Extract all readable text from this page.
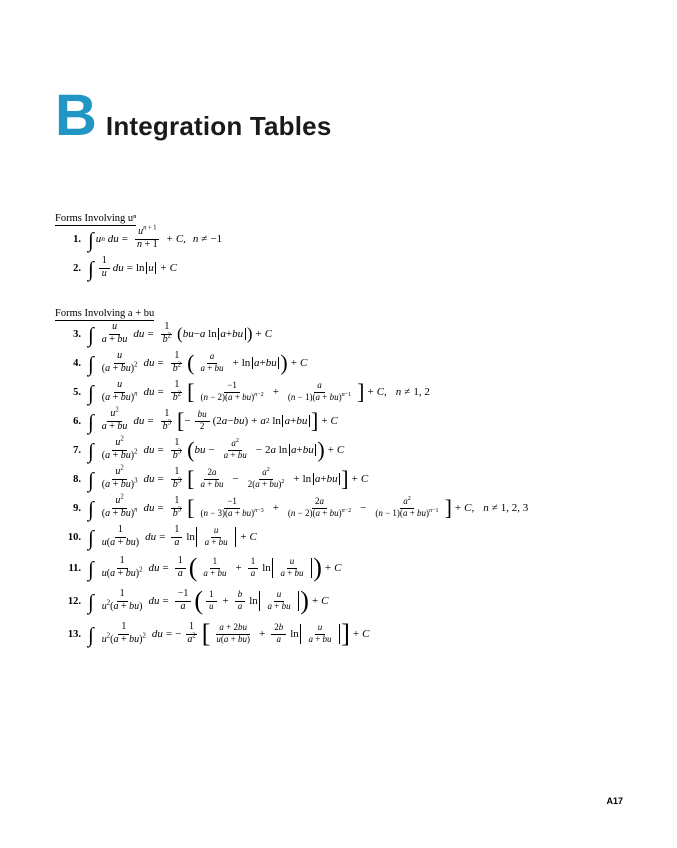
B Integration Tables
Forms Involving uⁿ
1. ∫ u n
du = $\frac{u^{n + 1}}{n + 1} + C$ , n ≠ −1
2. ∫ $\frac{1}{u}$ du = ln u + C
Forms Involving a + bu
3. ∫ $\frac{u}{a + bu}$ du = $\frac{1}{b^2}$ ( bu − a ln a + bu ) + C
4. ∫ $\frac{u}{(a + bu)^2}$ du = $\frac{1}{b^2}$ ( $\frac{a}{a + bu} + \ln a$ + bu ) + C
5. ∫ $\frac{u}{(a + bu)^n}$ du = $\frac{1}{b^2}$ [ $\frac{-1}{(n - 2)(a + bu)^{n-2}} + \frac{a}{(n - 1)(a + bu)^{n-1}}$ ] + C , n ≠ 1, 2
6. ∫ $\frac{u^2}{a + bu}$ du = $\frac{1}{b^3}$ [ − $\frac{bu}{2} (2$ a − bu ) + a 2 ln a + bu ] + C
7. ∫ $\frac{u^2}{(a + bu)^2}$ du = $\frac{1}{b^3}$ ( bu − $\frac{a^2}{a + bu} - 2$ a ln a + bu ) + C
8. ∫ $\frac{u^2}{(a + bu)^3}$ du = $\frac{1}{b^3}$ [ $\frac{2a}{a + bu} - \frac{a^2}{2(a + bu)^2} + \ln a$ + bu ] + C
9. ∫ $\frac{u^2}{(a + bu)^n}$ du = $\frac{1}{b^3}$ [ $\frac{-1}{(n - 3)(a + bu)^{n-3}} + \frac{2a}{(n - 2)(a + bu)^{n-2}} - \frac{a^2}{(n - 1)(a + bu)^{n-1}}$ ] + C , n ≠ 1, 2, 3
10. ∫ $\frac{1}{u(a + bu)}$ du = $\frac{1}{a}$ $\ln \frac{u}{a + bu} + C$
11. ∫ $\frac{1}{u(a + bu)^2}$ du = $\frac{1}{a}$ ( $\frac{1}{a + bu} + \frac{1}{a}$ $\ln \frac{u}{a + bu}$ ) + C
12. ∫ $\frac{1}{u^2(a + bu)}$ du = $\frac{-1}{a}$ ( $\frac{1}{u} + \frac{b}{a}$ $\ln \frac{u}{a + bu}$ ) + C
13. ∫ $\frac{1}{u^2(a + bu)^2}$ du = − $\frac{1}{a^2}$ [ $\frac{a + 2bu}{u(a + bu)} + \frac{2b}{a}$ $\ln \frac{u}{a + bu}$ ] + C
A17
